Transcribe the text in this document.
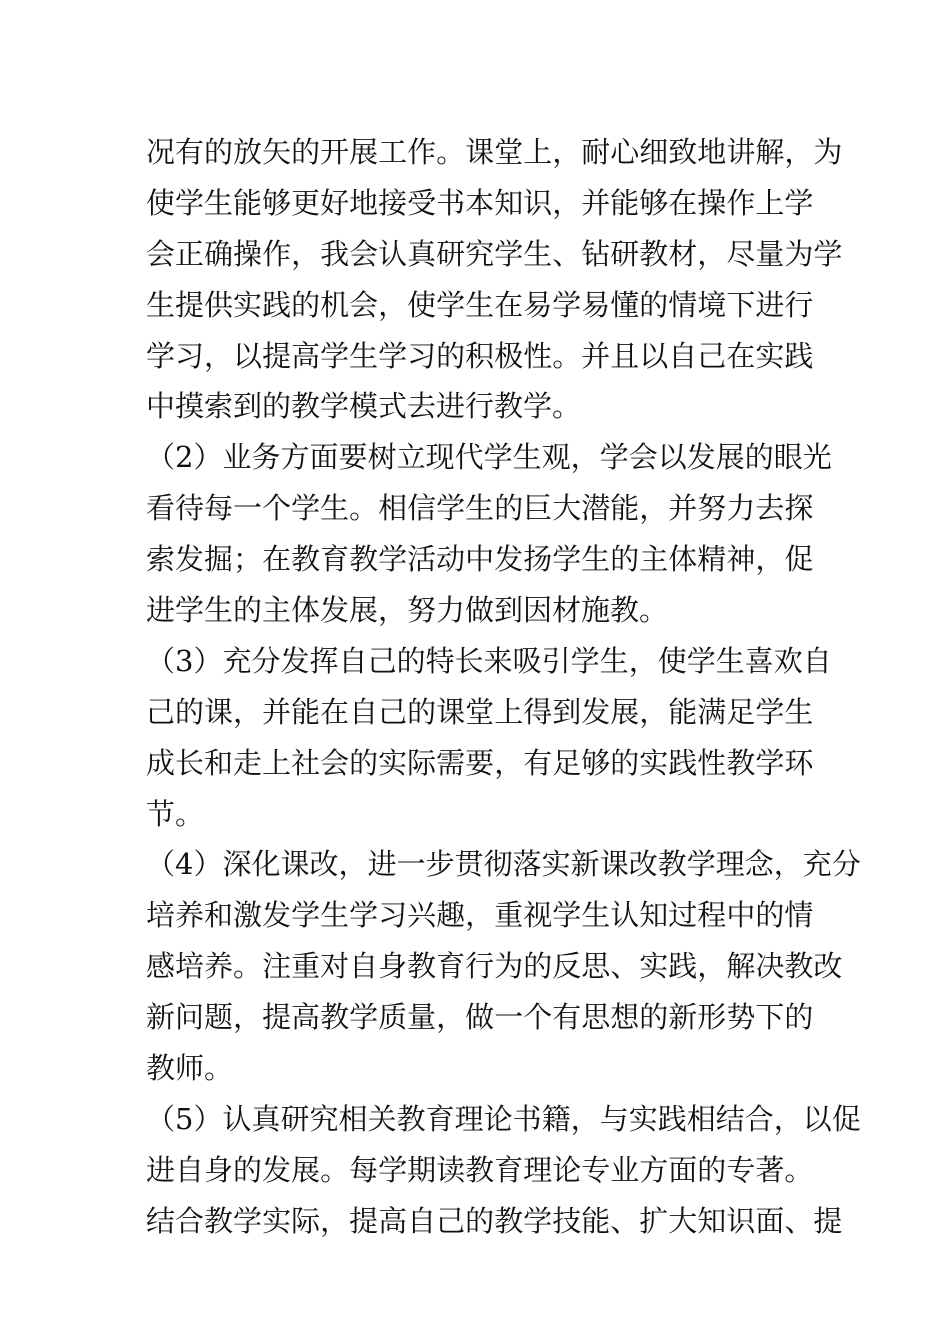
况 有 的 放 矢 的 开 展 工 作 。 课 堂 上 ， 耐 心 细 致 地 讲 解 ， 为
使 学 生 能 够 更 好 地 接 受 书 本 知 识 ， 并 能 够 在 操 作 上 学
会 正 确 操 作 ， 我 会 认 真 研 究 学 生 、 钻 研 教 材 ， 尽 量 为 学
生 提 供 实 践 的 机 会 ， 使 学 生 在 易 学 易 懂 的 情 境 下 进 行
学 习 ， 以 提 高 学 生 学 习 的 积 极 性 。 并 且 以 自 己 在 实 践
中摸索到的教学模式去进行教学。
（ 2 ） 业 务 方 面 要 树 立 现 代 学 生 观 ， 学 会 以 发 展 的 眼 光
看 待 每 一 个 学 生 。 相 信 学 生 的 巨 大 潜 能 ， 并 努 力 去 探
索 发 掘 ； 在 教 育 教 学 活 动 中 发 扬 学 生 的 主 体 精 神 ， 促
进学生的主体发展，努力做到因材施教。
（ 3 ） 充 分 发 挥 自 己 的 特 长 来 吸 引 学 生 ， 使 学 生 喜 欢 自
己 的 课 ， 并 能 在 自 己 的 课 堂 上 得 到 发 展 ， 能 满 足 学 生
成 长 和 走 上 社 会 的 实 际 需 要 ， 有 足 够 的 实 践 性 教 学 环
节。
（ 4 ） 深 化 课 改 ， 进 一 步 贯 彻 落 实 新 课 改 教 学 理 念 ， 充 分
培 养 和 激 发 学 生 学 习 兴 趣 ， 重 视 学 生 认 知 过 程 中 的 情
感 培 养 。 注 重 对 自 身 教 育 行 为 的 反 思 、 实 践 ， 解 决 教 改
新 问 题 ， 提 高 教 学 质 量 ， 做 一 个 有 思 想 的 新 形 势 下 的
教师。
（ 5 ） 认 真 研 究 相 关 教 育 理 论 书 籍 ， 与 实 践 相 结 合 ， 以 促
进 自 身 的 发 展 。 每 学 期 读 教 育 理 论 专 业 方 面 的 专 著 。
结 合 教 学 实 际 ， 提 高 自 己 的 教 学 技 能 、 扩 大 知 识 面 、 提
